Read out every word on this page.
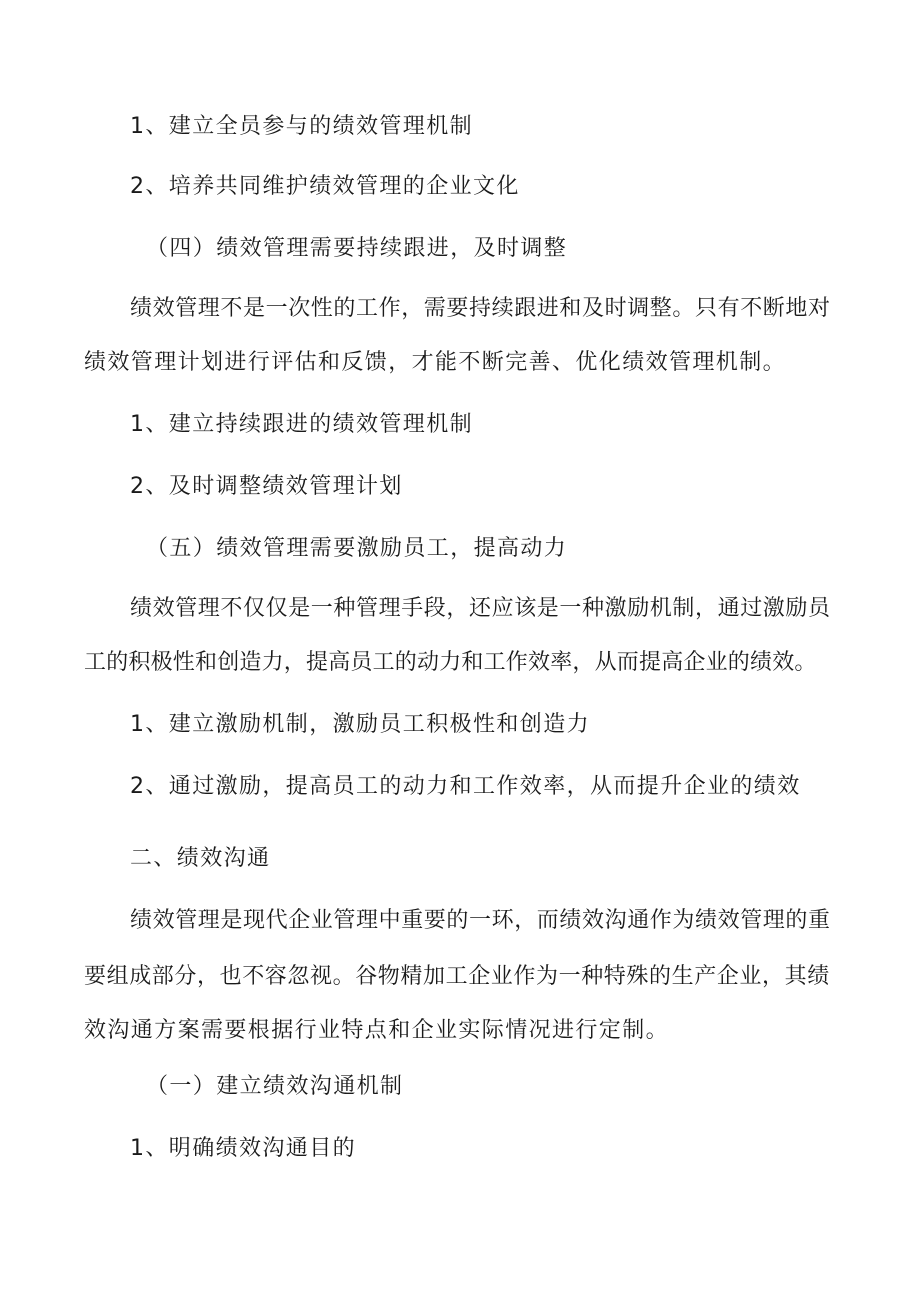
1、建立全员参与的绩效管理机制

2、培养共同维护绩效管理的企业文化

（四）绩效管理需要持续跟进，及时调整

绩效管理不是一次性的工作，需要持续跟进和及时调整。只有不断地对

绩效管理计划进行评估和反馈，才能不断完善、优化绩效管理机制。

1、建立持续跟进的绩效管理机制

2、及时调整绩效管理计划

（五）绩效管理需要激励员工，提高动力

绩效管理不仅仅是一种管理手段，还应该是一种激励机制，通过激励员

工的积极性和创造力，提高员工的动力和工作效率，从而提高企业的绩效。

1、建立激励机制，激励员工积极性和创造力

2、通过激励，提高员工的动力和工作效率，从而提升企业的绩效

二、绩效沟通

绩效管理是现代企业管理中重要的一环，而绩效沟通作为绩效管理的重

要组成部分，也不容忽视。谷物精加工企业作为一种特殊的生产企业，其绩

效沟通方案需要根据行业特点和企业实际情况进行定制。

（一）建立绩效沟通机制

1、明确绩效沟通目的
